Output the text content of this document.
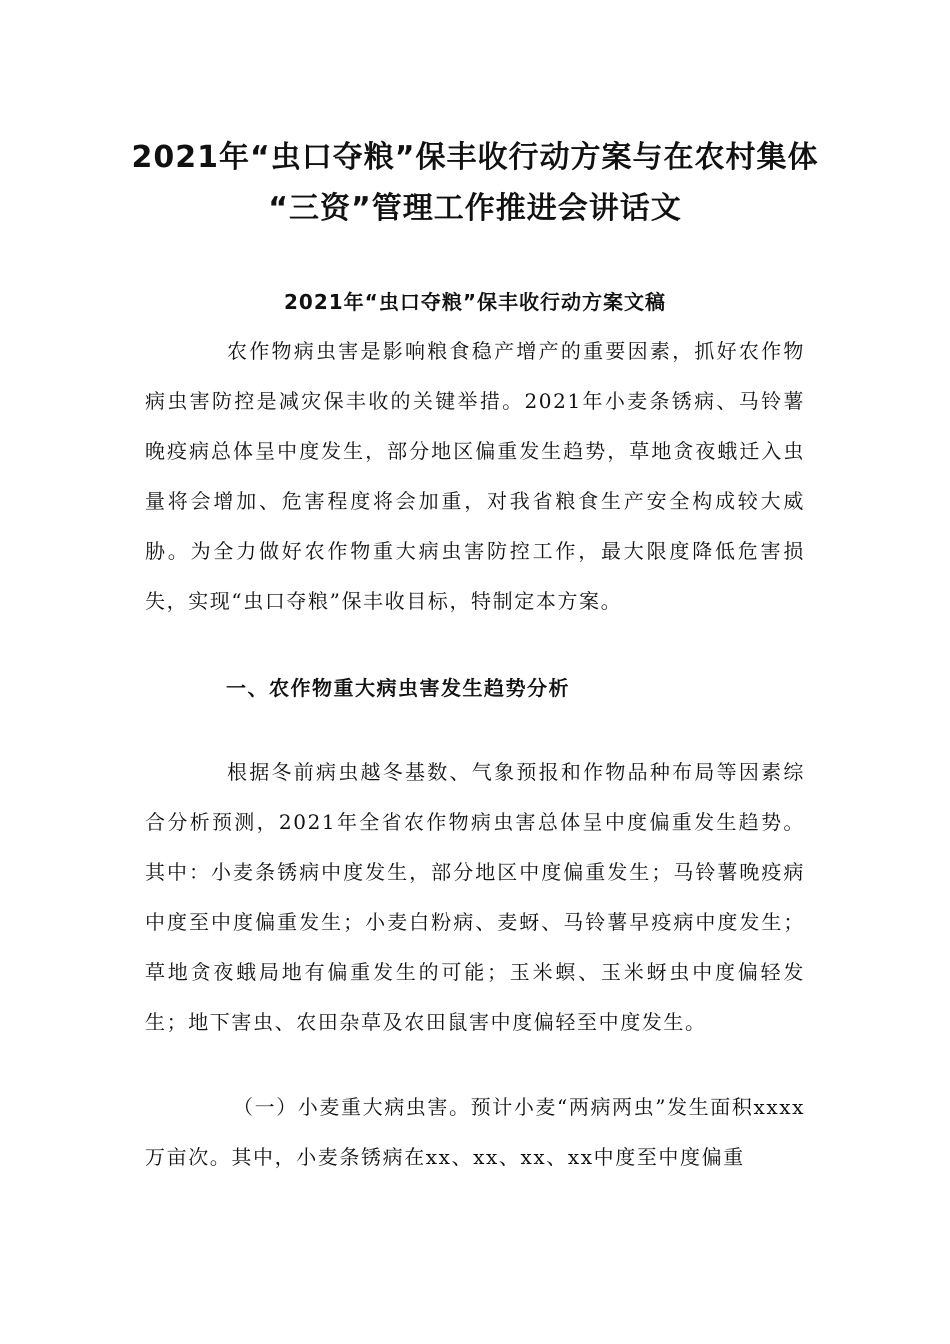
2021年“虫口夺粮”保丰收行动方案与在农村集体
“三资”管理工作推进会讲话文
2021年“虫口夺粮”保丰收行动方案文稿

农作物病虫害是影响粮食稳产增产的重要因素，抓好农作物病虫害防控是减灾保丰收的关键举措。2021年小麦条锈病、马铃薯晚疫病总体呈中度发生，部分地区偏重发生趋势，草地贪夜蛾迁入虫量将会增加、危害程度将会加重，对我省粮食生产安全构成较大威胁。为全力做好农作物重大病虫害防控工作，最大限度降低危害损失，实现“虫口夺粮”保丰收目标，特制定本方案。

一、农作物重大病虫害发生趋势分析

根据冬前病虫越冬基数、气象预报和作物品种布局等因素综合分析预测，2021年全省农作物病虫害总体呈中度偏重发生趋势。其中：小麦条锈病中度发生，部分地区中度偏重发生；马铃薯晚疫病中度至中度偏重发生；小麦白粉病、麦蚜、马铃薯早疫病中度发生；草地贪夜蛾局地有偏重发生的可能；玉米螟、玉米蚜虫中度偏轻发生；地下害虫、农田杂草及农田鼠害中度偏轻至中度发生。

（一）小麦重大病虫害。预计小麦“两病两虫”发生面积xxxx万亩次。其中，小麦条锈病在xx、xx、xx、xx中度至中度偏重
